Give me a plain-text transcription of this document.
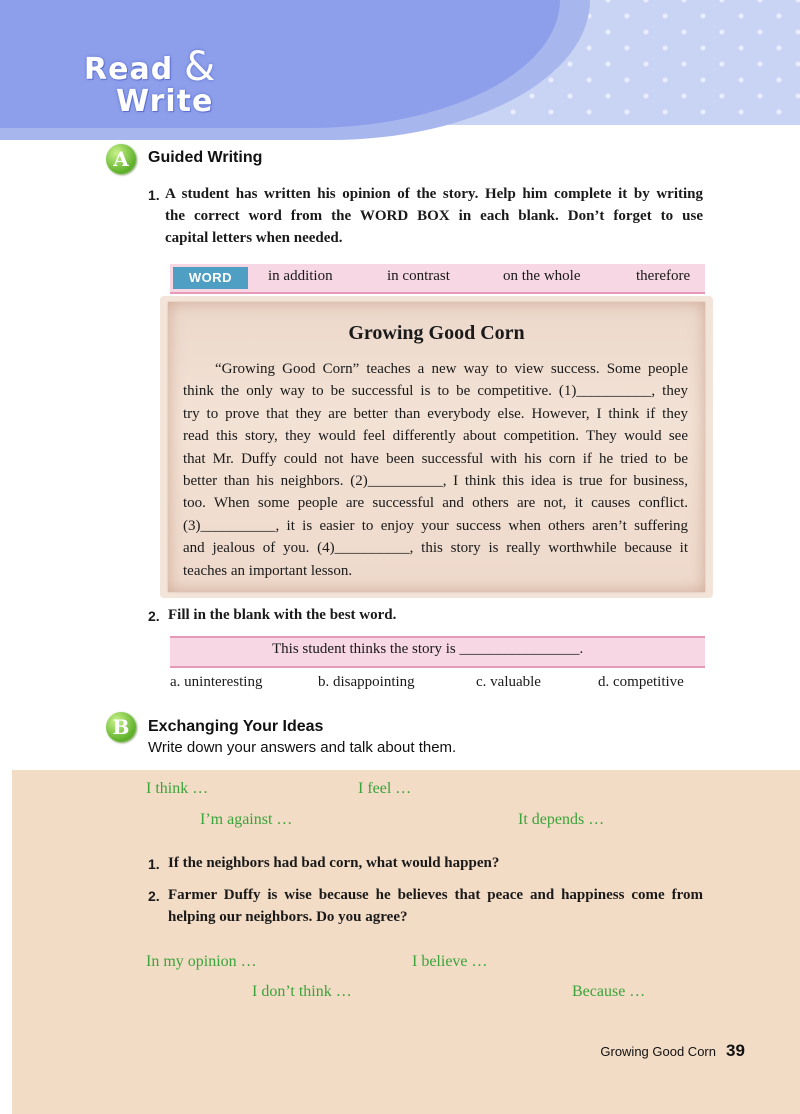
Read &
Write
A	Guided Writing
1. A student has written his opinion of the story. Help him complete it by writing
the correct word from the WORD BOX in each blank. Don’t forget to use
capital letters when needed.
WORD	in addition	in contrast	on the whole	therefore
Growing Good Corn
“Growing Good Corn” teaches a new way to view success. Some people
think the only way to be successful is to be competitive. (1)__________, they
try to prove that they are better than everybody else. However, I think if they
read this story, they would feel differently about competition. They would see
that Mr. Duffy could not have been successful with his corn if he tried to be
better than his neighbors. (2)__________, I think this idea is true for business,
too. When some people are successful and others are not, it causes conflict.
(3)__________, it is easier to enjoy your success when others aren’t suffering
and jealous of you. (4)__________, this story is really worthwhile because it
teaches an important lesson.
2. Fill in the blank with the best word.
This student thinks the story is ________________.
a. uninteresting	b. disappointing	c. valuable	d. competitive
B	Exchanging Your Ideas
Write down your answers and talk about them.
I think …	I feel …
I’m against …	It depends …
1. If the neighbors had bad corn, what would happen?
2. Farmer Duffy is wise because he believes that peace and happiness come from
helping our neighbors. Do you agree?
In my opinion …	I believe …
I don’t think …	Because …
Growing Good Corn 39
